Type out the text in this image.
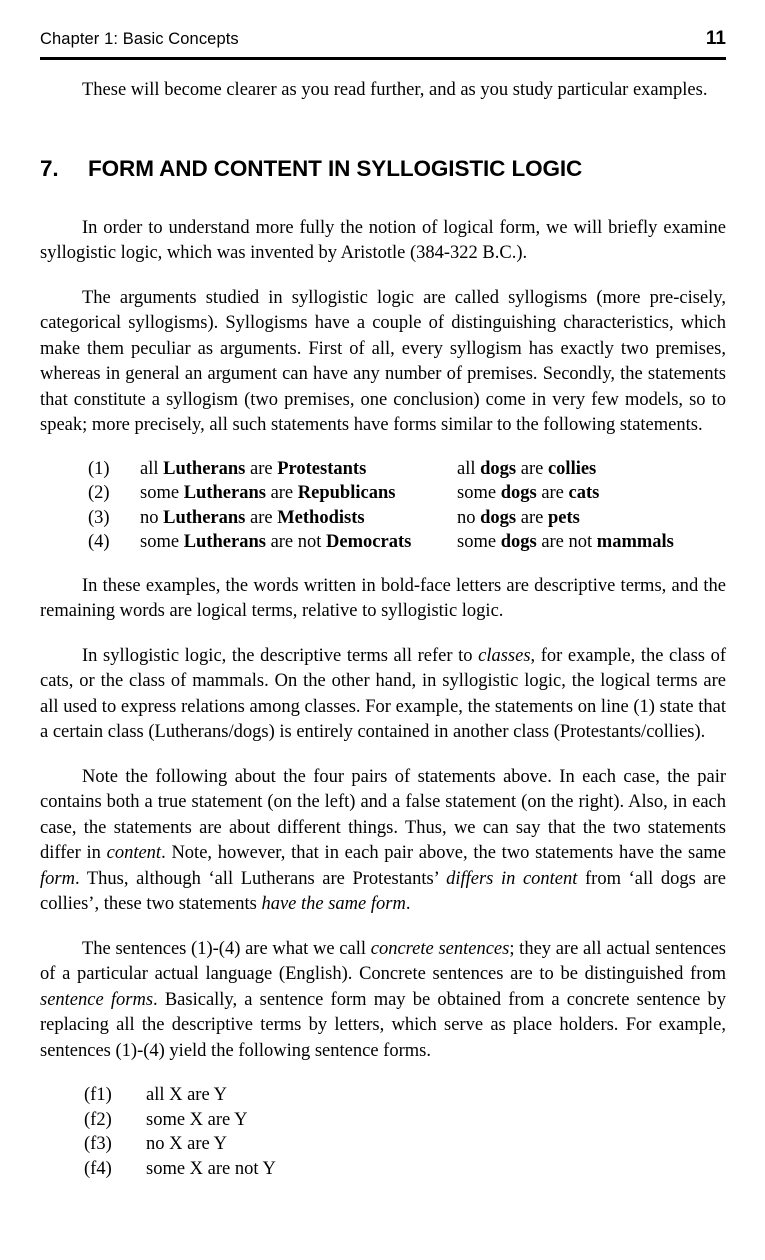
Chapter 1: Basic Concepts	11

These will become clearer as you read further, and as you study particular examples.

7.	FORM AND CONTENT IN SYLLOGISTIC LOGIC

In order to understand more fully the notion of logical form, we will briefly examine syllogistic logic, which was invented by Aristotle (384-322 B.C.).

The arguments studied in syllogistic logic are called syllogisms (more pre-cisely, categorical syllogisms). Syllogisms have a couple of distinguishing characteristics, which make them peculiar as arguments. First of all, every syllogism has exactly two premises, whereas in general an argument can have any number of premises. Secondly, the statements that constitute a syllogism (two premises, one conclusion) come in very few models, so to speak; more precisely, all such statements have forms similar to the following statements.

(1)	all Lutherans are Protestants	all dogs are collies
(2)	some Lutherans are Republicans	some dogs are cats
(3)	no Lutherans are Methodists	no dogs are pets
(4)	some Lutherans are not Democrats	some dogs are not mammals

In these examples, the words written in bold-face letters are descriptive terms, and the remaining words are logical terms, relative to syllogistic logic.

In syllogistic logic, the descriptive terms all refer to classes, for example, the class of cats, or the class of mammals. On the other hand, in syllogistic logic, the logical terms are all used to express relations among classes. For example, the statements on line (1) state that a certain class (Lutherans/dogs) is entirely contained in another class (Protestants/collies).

Note the following about the four pairs of statements above. In each case, the pair contains both a true statement (on the left) and a false statement (on the right). Also, in each case, the statements are about different things. Thus, we can say that the two statements differ in content. Note, however, that in each pair above, the two statements have the same form. Thus, although ‘all Lutherans are Protestants’ differs in content from ‘all dogs are collies’, these two statements have the same form.

The sentences (1)-(4) are what we call concrete sentences; they are all actual sentences of a particular actual language (English). Concrete sentences are to be distinguished from sentence forms. Basically, a sentence form may be obtained from a concrete sentence by replacing all the descriptive terms by letters, which serve as place holders. For example, sentences (1)-(4) yield the following sentence forms.

(f1)	all X are Y
(f2)	some X are Y
(f3)	no X are Y
(f4)	some X are not Y
